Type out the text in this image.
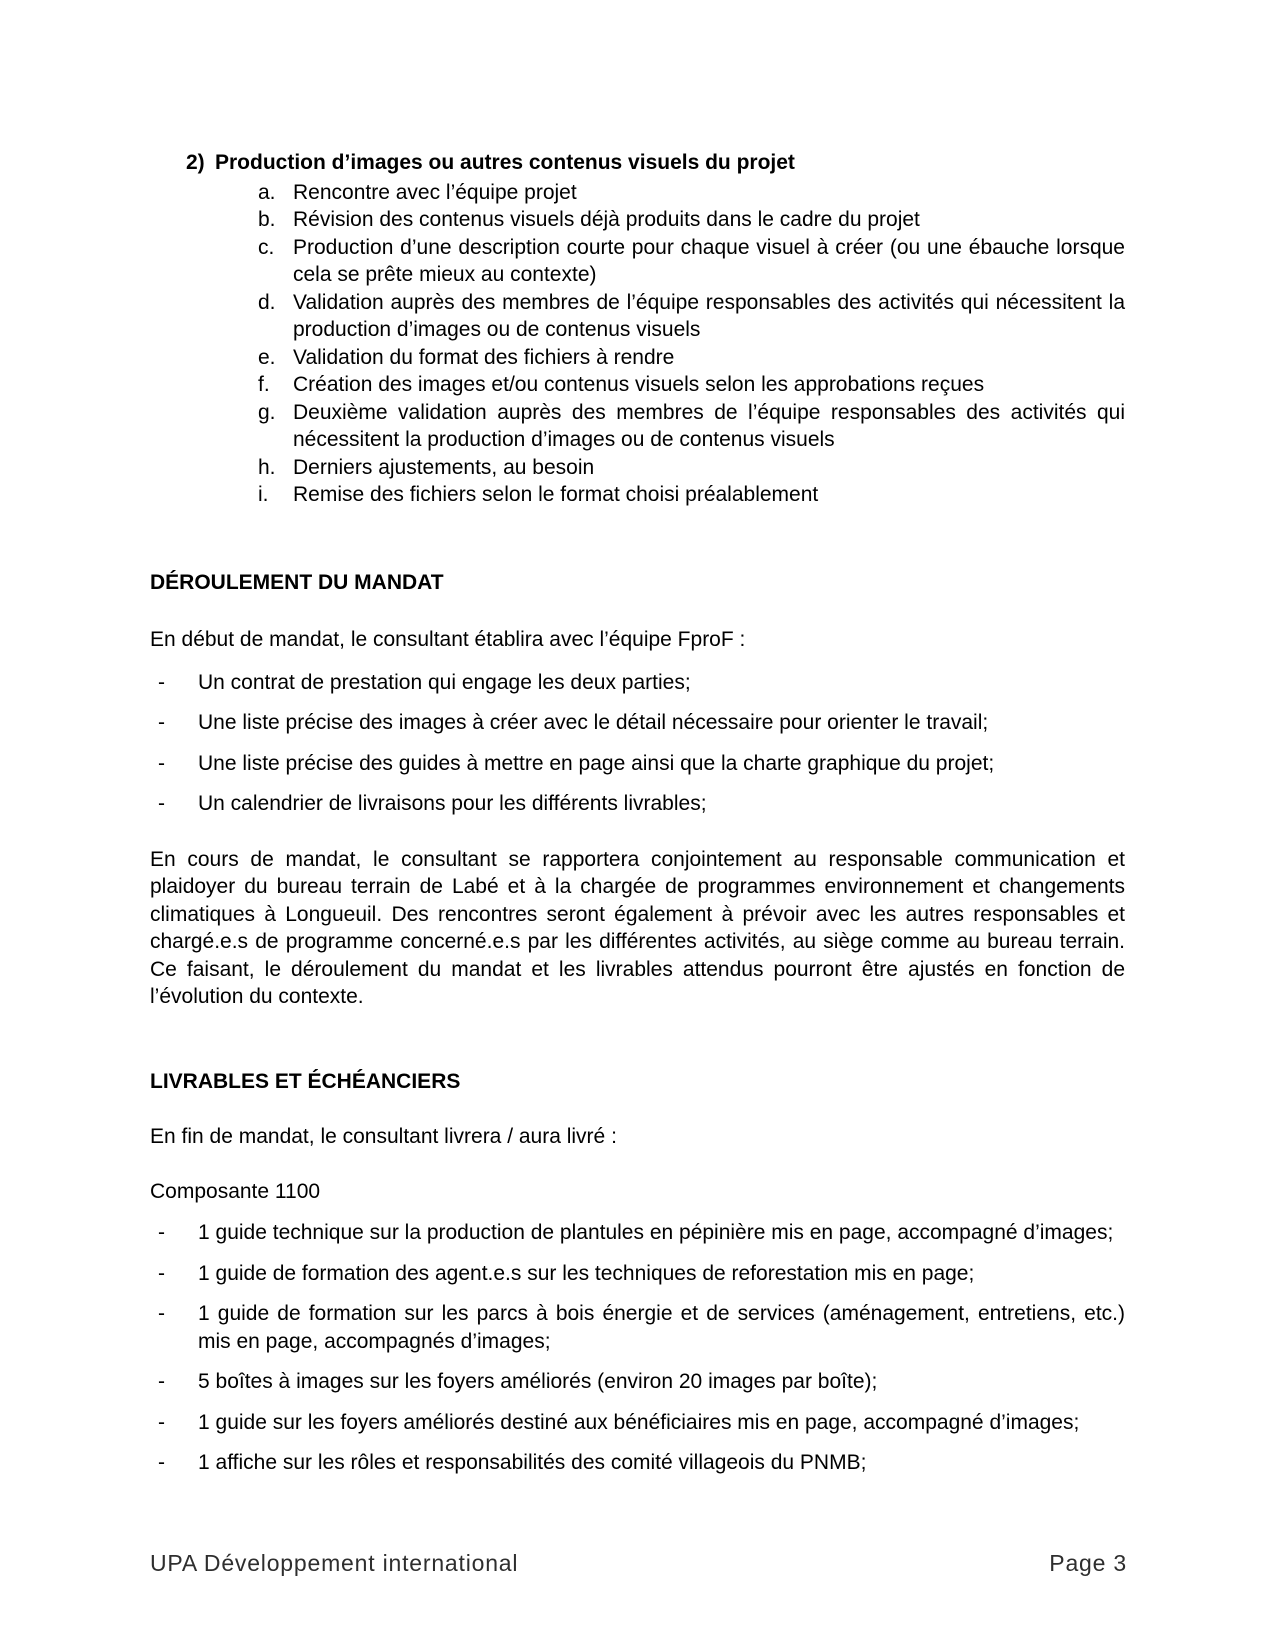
2) Production d’images ou autres contenus visuels du projet
a. Rencontre avec l’équipe projet
b. Révision des contenus visuels déjà produits dans le cadre du projet
c. Production d’une description courte pour chaque visuel à créer (ou une ébauche lorsque cela se prête mieux au contexte)
d. Validation auprès des membres de l’équipe responsables des activités qui nécessitent la production d’images ou de contenus visuels
e. Validation du format des fichiers à rendre
f.	Création des images et/ou contenus visuels selon les approbations reçues
g. Deuxième validation auprès des membres de l’équipe responsables des activités qui nécessitent la production d’images ou de contenus visuels
h. Derniers ajustements, au besoin
i.	Remise des fichiers selon le format choisi préalablement
DÉROULEMENT DU MANDAT

En début de mandat, le consultant établira avec l’équipe FproF :

-	Un contrat de prestation qui engage les deux parties;
-	Une liste précise des images à créer avec le détail nécessaire pour orienter le travail;
-	Une liste précise des guides à mettre en page ainsi que la charte graphique du projet;
-	Un calendrier de livraisons pour les différents livrables;

En cours de mandat, le consultant se rapportera conjointement au responsable communication et plaidoyer du bureau terrain de Labé et à la chargée de programmes environnement et changements climatiques à Longueuil. Des rencontres seront également à prévoir avec les autres responsables et chargé.e.s de programme concerné.e.s par les différentes activités, au siège comme au bureau terrain. Ce faisant, le déroulement du mandat et les livrables attendus pourront être ajustés en fonction de l’évolution du contexte.

LIVRABLES ET ÉCHÉANCIERS

En fin de mandat, le consultant livrera / aura livré :

Composante 1100

-	1 guide technique sur la production de plantules en pépinière mis en page, accompagné d’images;
-	1 guide de formation des agent.e.s sur les techniques de reforestation mis en page;
-	1 guide de formation sur les parcs à bois énergie et de services (aménagement, entretiens, etc.) mis en page, accompagnés d’images;
-	5 boîtes à images sur les foyers améliorés (environ 20 images par boîte);
-	1 guide sur les foyers améliorés destiné aux bénéficiaires mis en page, accompagné d’images;
-	1 affiche sur les rôles et responsabilités des comité villageois du PNMB;
UPA Développement international	Page 3
